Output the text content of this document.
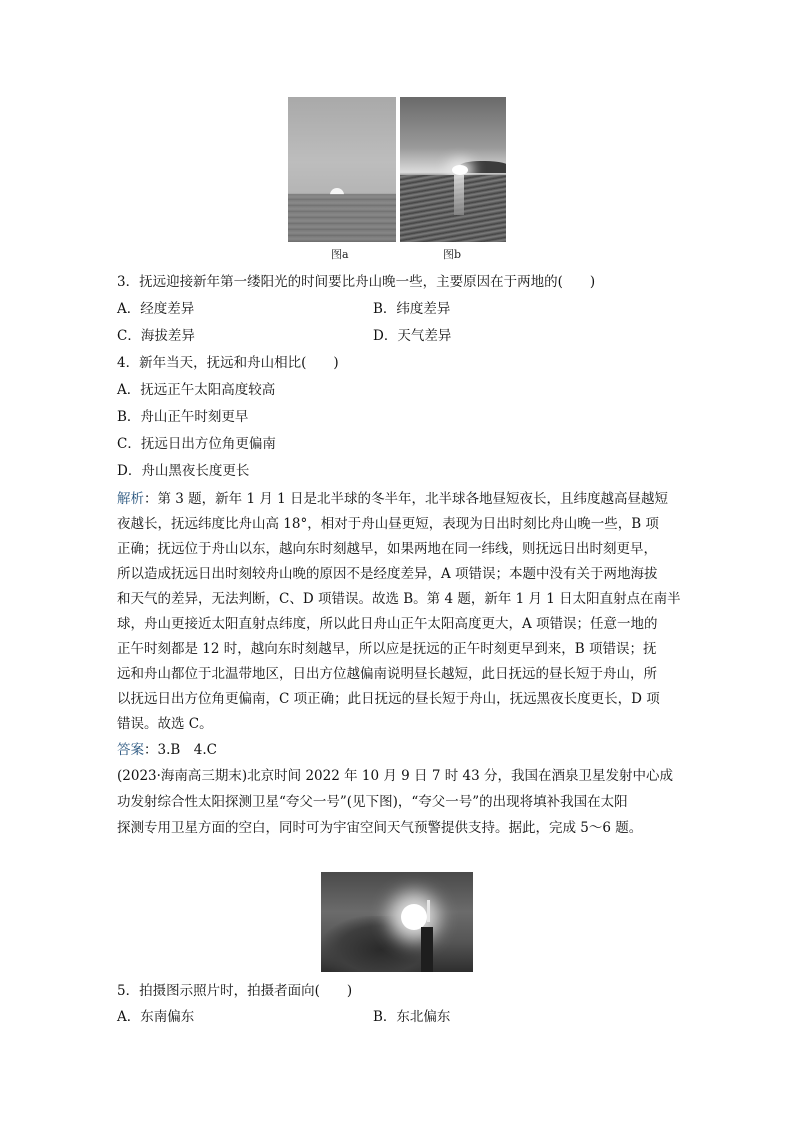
图a	图b
3．抚远迎接新年第一缕阳光的时间要比舟山晚一些，主要原因在于两地的(　　)
A．经度差异	B．纬度差异
C．海拔差异	D．天气差异
4．新年当天，抚远和舟山相比(　　)
A．抚远正午太阳高度较高
B．舟山正午时刻更早
C．抚远日出方位角更偏南
D．舟山黑夜长度更长
解析：第 3 题，新年 1 月 1 日是北半球的冬半年，北半球各地昼短夜长，且纬度越高昼越短
夜越长，抚远纬度比舟山高 18°，相对于舟山昼更短，表现为日出时刻比舟山晚一些，B 项
正确；抚远位于舟山以东，越向东时刻越早，如果两地在同一纬线，则抚远日出时刻更早，
所以造成抚远日出时刻较舟山晚的原因不是经度差异，A 项错误；本题中没有关于两地海拔
和天气的差异，无法判断，C、D 项错误。故选 B。第 4 题，新年 1 月 1 日太阳直射点在南半
球，舟山更接近太阳直射点纬度，所以此日舟山正午太阳高度更大，A 项错误；任意一地的
正午时刻都是 12 时，越向东时刻越早，所以应是抚远的正午时刻更早到来，B 项错误；抚
远和舟山都位于北温带地区，日出方位越偏南说明昼长越短，此日抚远的昼长短于舟山，所
以抚远日出方位角更偏南，C 项正确；此日抚远的昼长短于舟山，抚远黑夜长度更长，D 项
错误。故选 C。
答案：3.B　4.C
(2023·海南高三期末)北京时间 2022 年 10 月 9 日 7 时 43 分，我国在酒泉卫星发射中心成
功发射综合性太阳探测卫星“夸父一号”(见下图)，“夸父一号”的出现将填补我国在太阳
探测专用卫星方面的空白，同时可为宇宙空间天气预警提供支持。据此，完成 5～6 题。
5．拍摄图示照片时，拍摄者面向(　　)
A．东南偏东	B．东北偏东
